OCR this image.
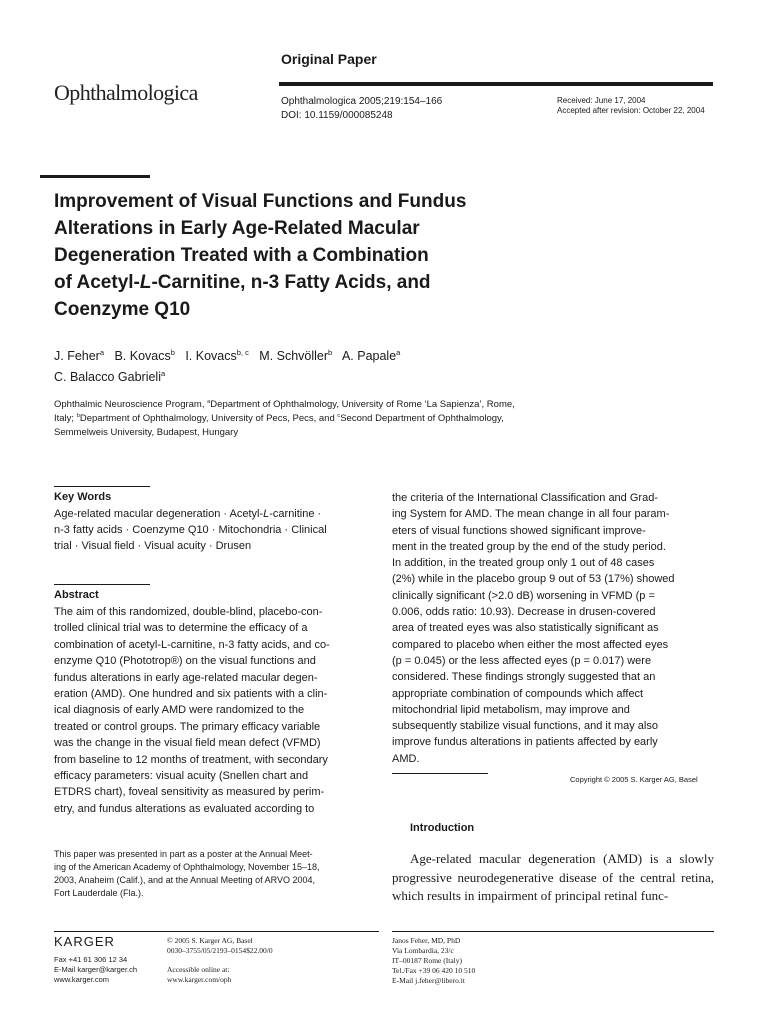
Ophthalmologica
Original Paper
Ophthalmologica 2005;219:154–166
DOI: 10.1159/000085248
Received: June 17, 2004
Accepted after revision: October 22, 2004
Improvement of Visual Functions and Fundus
Alterations in Early Age-Related Macular
Degeneration Treated with a Combination
of Acetyl-L-Carnitine, n-3 Fatty Acids, and
Coenzyme Q10
J. Feher$^a$ B. Kovacs$^b$ I. Kovacs$^{b, c}$ M. Schvöller$^b$ A. Papale$^a$
C. Balacco Gabrieli$^a$
Ophthalmic Neuroscience Program, $^a$Department of Ophthalmology, University of Rome ‘La Sapienza’, Rome,
Italy; $^b$Department of Ophthalmology, University of Pecs, Pecs, and $^c$Second Department of Ophthalmology,
Semmelweis University, Budapest, Hungary
Key Words
Age-related macular degeneration · Acetyl-L-carnitine ·
n-3 fatty acids · Coenzyme Q10 · Mitochondria · Clinical
trial · Visual field · Visual acuity · Drusen
Abstract
The aim of this randomized, double-blind, placebo-con-
trolled clinical trial was to determine the efficacy of a
combination of acetyl-L-carnitine, n-3 fatty acids, and co-
enzyme Q10 (Phototrop®) on the visual functions and
fundus alterations in early age-related macular degen-
eration (AMD). One hundred and six patients with a clin-
ical diagnosis of early AMD were randomized to the
treated or control groups. The primary efficacy variable
was the change in the visual field mean defect (VFMD)
from baseline to 12 months of treatment, with secondary
efficacy parameters: visual acuity (Snellen chart and
ETDRS chart), foveal sensitivity as measured by perim-
etry, and fundus alterations as evaluated according to
the criteria of the International Classification and Grad-
ing System for AMD. The mean change in all four param-
eters of visual functions showed significant improve-
ment in the treated group by the end of the study period.
In addition, in the treated group only 1 out of 48 cases
(2%) while in the placebo group 9 out of 53 (17%) showed
clinically significant (>2.0 dB) worsening in VFMD (p =
0.006, odds ratio: 10.93). Decrease in drusen-covered
area of treated eyes was also statistically significant as
compared to placebo when either the most affected eyes
(p = 0.045) or the less affected eyes (p = 0.017) were
considered. These findings strongly suggested that an
appropriate combination of compounds which affect
mitochondrial lipid metabolism, may improve and
subsequently stabilize visual functions, and it may also
improve fundus alterations in patients affected by early
AMD.
Copyright © 2005 S. Karger AG, Basel
Introduction
Age-related macular degeneration (AMD) is a slowly progressive neurodegenerative disease of the central retina, which results in impairment of principal retinal func-
This paper was presented in part as a poster at the Annual Meet-
ing of the American Academy of Ophthalmology, November 15–18,
2003, Anaheim (Calif.), and at the Annual Meeting of ARVO 2004,
Fort Lauderdale (Fla.).
KARGER
Fax +41 61 306 12 34
E-Mail karger@karger.ch
www.karger.com
© 2005 S. Karger AG, Basel
0030–3755/05/2193–0154$22.00/0
Accessible online at:
www.karger.com/oph
Janos Feher, MD, PhD
Via Lombardia, 23/c
IT–00187 Rome (Italy)
Tel./Fax +39 06 420 10 510
E-Mail j.feher@libero.it
